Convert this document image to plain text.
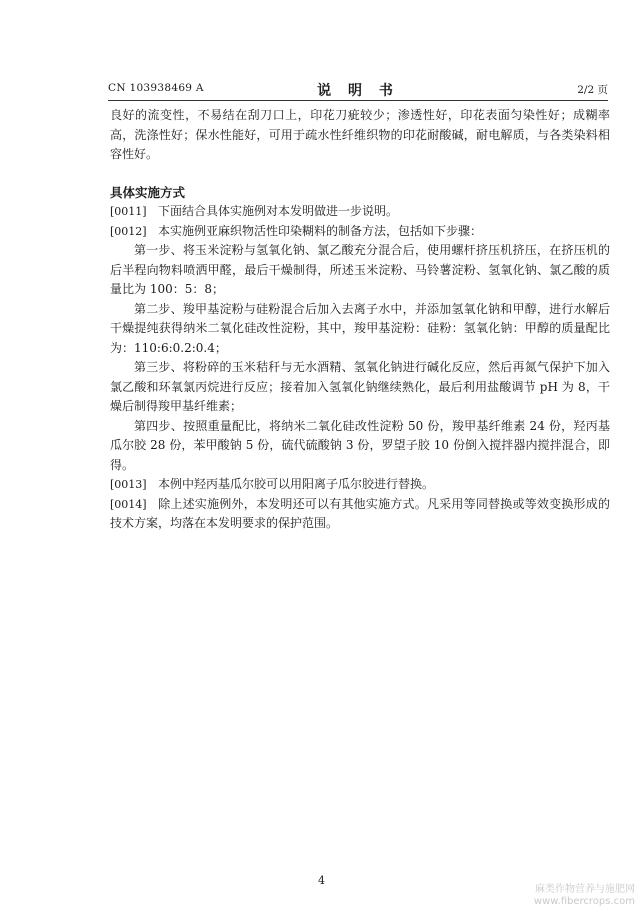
CN 103938469 A	说 明 书	2/2 页

良好的流变性，不易结在刮刀口上，印花刀疵较少；渗透性好，印花表面匀染性好；成糊率高，洗涤性好；保水性能好，可用于疏水性纤维织物的印花耐酸碱，耐电解质，与各类染料相容性好。

具体实施方式

[0011] 下面结合具体实施例对本发明做进一步说明。

[0012] 本实施例亚麻织物活性印染糊料的制备方法，包括如下步骤：

第一步、将玉米淀粉与氢氧化钠、氯乙酸充分混合后，使用螺杆挤压机挤压，在挤压机的后半程向物料喷洒甲醛，最后干燥制得，所述玉米淀粉、马铃薯淀粉、氢氧化钠、氯乙酸的质量比为 100：5：8；

第二步、羧甲基淀粉与硅粉混合后加入去离子水中，并添加氢氧化钠和甲醇，进行水解后干燥提纯获得纳米二氧化硅改性淀粉，其中，羧甲基淀粉：硅粉：氢氧化钠：甲醇的质量配比为：110:6:0.2:0.4；

第三步、将粉碎的玉米秸秆与无水酒精、氢氧化钠进行碱化反应，然后再氮气保护下加入氯乙酸和环氧氯丙烷进行反应；接着加入氢氧化钠继续熟化，最后利用盐酸调节 pH 为 8，干燥后制得羧甲基纤维素；

第四步、按照重量配比，将纳米二氧化硅改性淀粉 50 份，羧甲基纤维素 24 份，羟丙基瓜尔胶 28 份，苯甲酸钠 5 份，硫代硫酸钠 3 份，罗望子胶 10 份倒入搅拌器内搅拌混合，即得。

[0013] 本例中羟丙基瓜尔胶可以用阳离子瓜尔胶进行替换。

[0014] 除上述实施例外，本发明还可以有其他实施方式。凡采用等同替换或等效变换形成的技术方案，均落在本发明要求的保护范围。

4
麻类作物营养与施肥网
www.fibercrops.com
